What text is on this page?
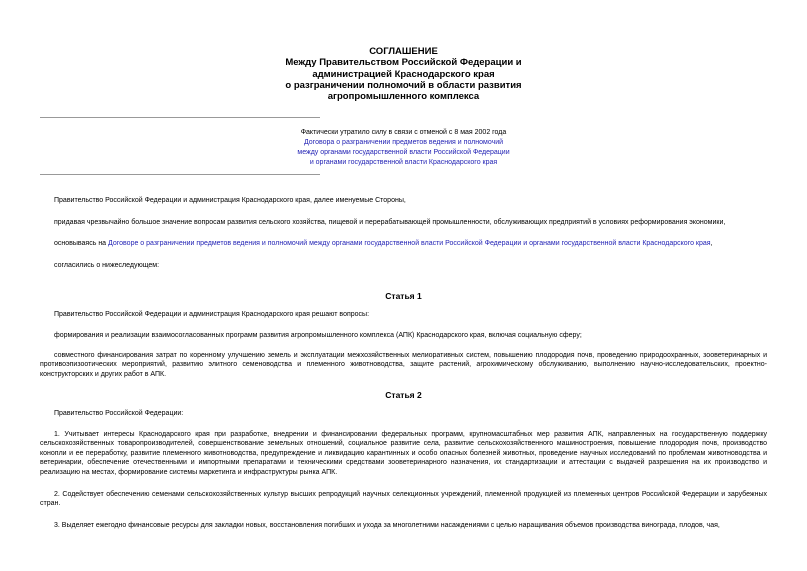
СОГЛАШЕНИЕ
Между Правительством Российской Федерации и
администрацией Краснодарского края
о разграничении полномочий в области развития
агропромышленного комплекса
Фактически утратило силу в связи с отменой с 8 мая 2002 года
Договора о разграничении предметов ведения и полномочий
между органами государственной власти Российской Федерации
и органами государственной власти Краснодарского края
Правительство Российской Федерации и администрация Краснодарского края, далее именуемые Стороны,
придавая чрезвычайно большое значение вопросам развития сельского хозяйства, пищевой и перерабатывающей промышленности, обслуживающих предприятий в условиях реформирования экономики,
основываясь на Договоре о разграничении предметов ведения и полномочий между органами государственной власти Российской Федерации и органами государственной власти Краснодарского края,
согласились о нижеследующем:
Статья 1
Правительство Российской Федерации и администрация Краснодарского края решают вопросы:
формирования и реализации взаимосогласованных программ развития агропромышленного комплекса (АПК) Краснодарского края, включая социальную сферу;
совместного финансирования затрат по коренному улучшению земель и эксплуатации межхозяйственных мелиоративных систем, повышению плодородия почв, проведению природоохранных, зооветеринарных и противоэпизоотических мероприятий, развитию элитного семеноводства и племенного животноводства, защите растений, агрохимическому обслуживанию, выполнению научно-исследовательских, проектно-конструкторских и других работ в АПК.
Статья 2
Правительство Российской Федерации:
1. Учитывает интересы Краснодарского края при разработке, внедрении и финансировании федеральных программ, крупномасштабных мер развития АПК, направленных на государственную поддержку сельскохозяйственных товаропроизводителей, совершенствование земельных отношений, социальное развитие села, развитие сельскохозяйственного машиностроения, повышение плодородия почв, производство конопли и ее переработку, развитие племенного животноводства, предупреждение и ликвидацию карантинных и особо опасных болезней животных, проведение научных исследований по проблемам животноводства и ветеринарии, обеспечение отечественными и импортными препаратами и техническими средствами зооветеринарного назначения, их стандартизации и аттестации с выдачей разрешения на их производство и реализацию на местах, формирование системы маркетинга и инфраструктуры рынка АПК.
2. Содействует обеспечению семенами сельскохозяйственных культур высших репродукций научных селекционных учреждений, племенной продукцией из племенных центров Российской Федерации и зарубежных стран.
3. Выделяет ежегодно финансовые ресурсы для закладки новых, восстановления погибших и ухода за многолетними насаждениями с целью наращивания объемов производства винограда, плодов, чая,
